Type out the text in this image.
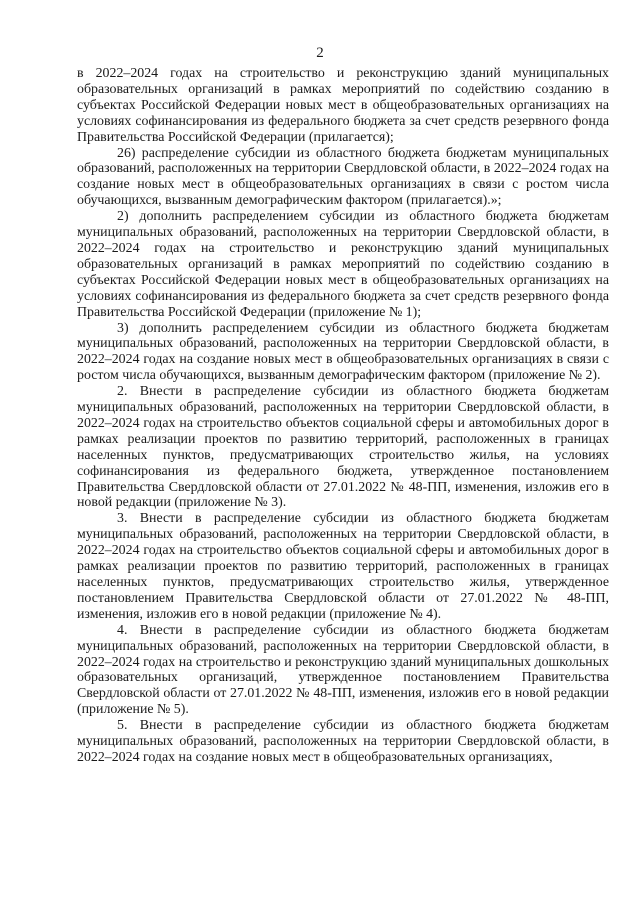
2

в 2022–2024 годах на строительство и реконструкцию зданий муниципальных образовательных организаций в рамках мероприятий по содействию созданию в субъектах Российской Федерации новых мест в общеобразовательных организациях на условиях софинансирования из федерального бюджета за счет средств резервного фонда Правительства Российской Федерации (прилагается);

26) распределение субсидии из областного бюджета бюджетам муниципальных образований, расположенных на территории Свердловской области, в 2022–2024 годах на создание новых мест в общеобразовательных организациях в связи с ростом числа обучающихся, вызванным демографическим фактором (прилагается).»;

2) дополнить распределением субсидии из областного бюджета бюджетам муниципальных образований, расположенных на территории Свердловской области, в 2022–2024 годах на строительство и реконструкцию зданий муниципальных образовательных организаций в рамках мероприятий по содействию созданию в субъектах Российской Федерации новых мест в общеобразовательных организациях на условиях софинансирования из федерального бюджета за счет средств резервного фонда Правительства Российской Федерации (приложение № 1);

3) дополнить распределением субсидии из областного бюджета бюджетам муниципальных образований, расположенных на территории Свердловской области, в 2022–2024 годах на создание новых мест в общеобразовательных организациях в связи с ростом числа обучающихся, вызванным демографическим фактором (приложение № 2).

2. Внести в распределение субсидии из областного бюджета бюджетам муниципальных образований, расположенных на территории Свердловской области, в 2022–2024 годах на строительство объектов социальной сферы и автомобильных дорог в рамках реализации проектов по развитию территорий, расположенных в границах населенных пунктов, предусматривающих строительство жилья, на условиях софинансирования из федерального бюджета, утвержденное постановлением Правительства Свердловской области от 27.01.2022 № 48-ПП, изменения, изложив его в новой редакции (приложение № 3).

3. Внести в распределение субсидии из областного бюджета бюджетам муниципальных образований, расположенных на территории Свердловской области, в 2022–2024 годах на строительство объектов социальной сферы и автомобильных дорог в рамках реализации проектов по развитию территорий, расположенных в границах населенных пунктов, предусматривающих строительство жилья, утвержденное постановлением Правительства Свердловской области от 27.01.2022 № 48-ПП, изменения, изложив его в новой редакции (приложение № 4).

4. Внести в распределение субсидии из областного бюджета бюджетам муниципальных образований, расположенных на территории Свердловской области, в 2022–2024 годах на строительство и реконструкцию зданий муниципальных дошкольных образовательных организаций, утвержденное постановлением Правительства Свердловской области от 27.01.2022 № 48-ПП, изменения, изложив его в новой редакции (приложение № 5).

5. Внести в распределение субсидии из областного бюджета бюджетам муниципальных образований, расположенных на территории Свердловской области, в 2022–2024 годах на создание новых мест в общеобразовательных организациях,
